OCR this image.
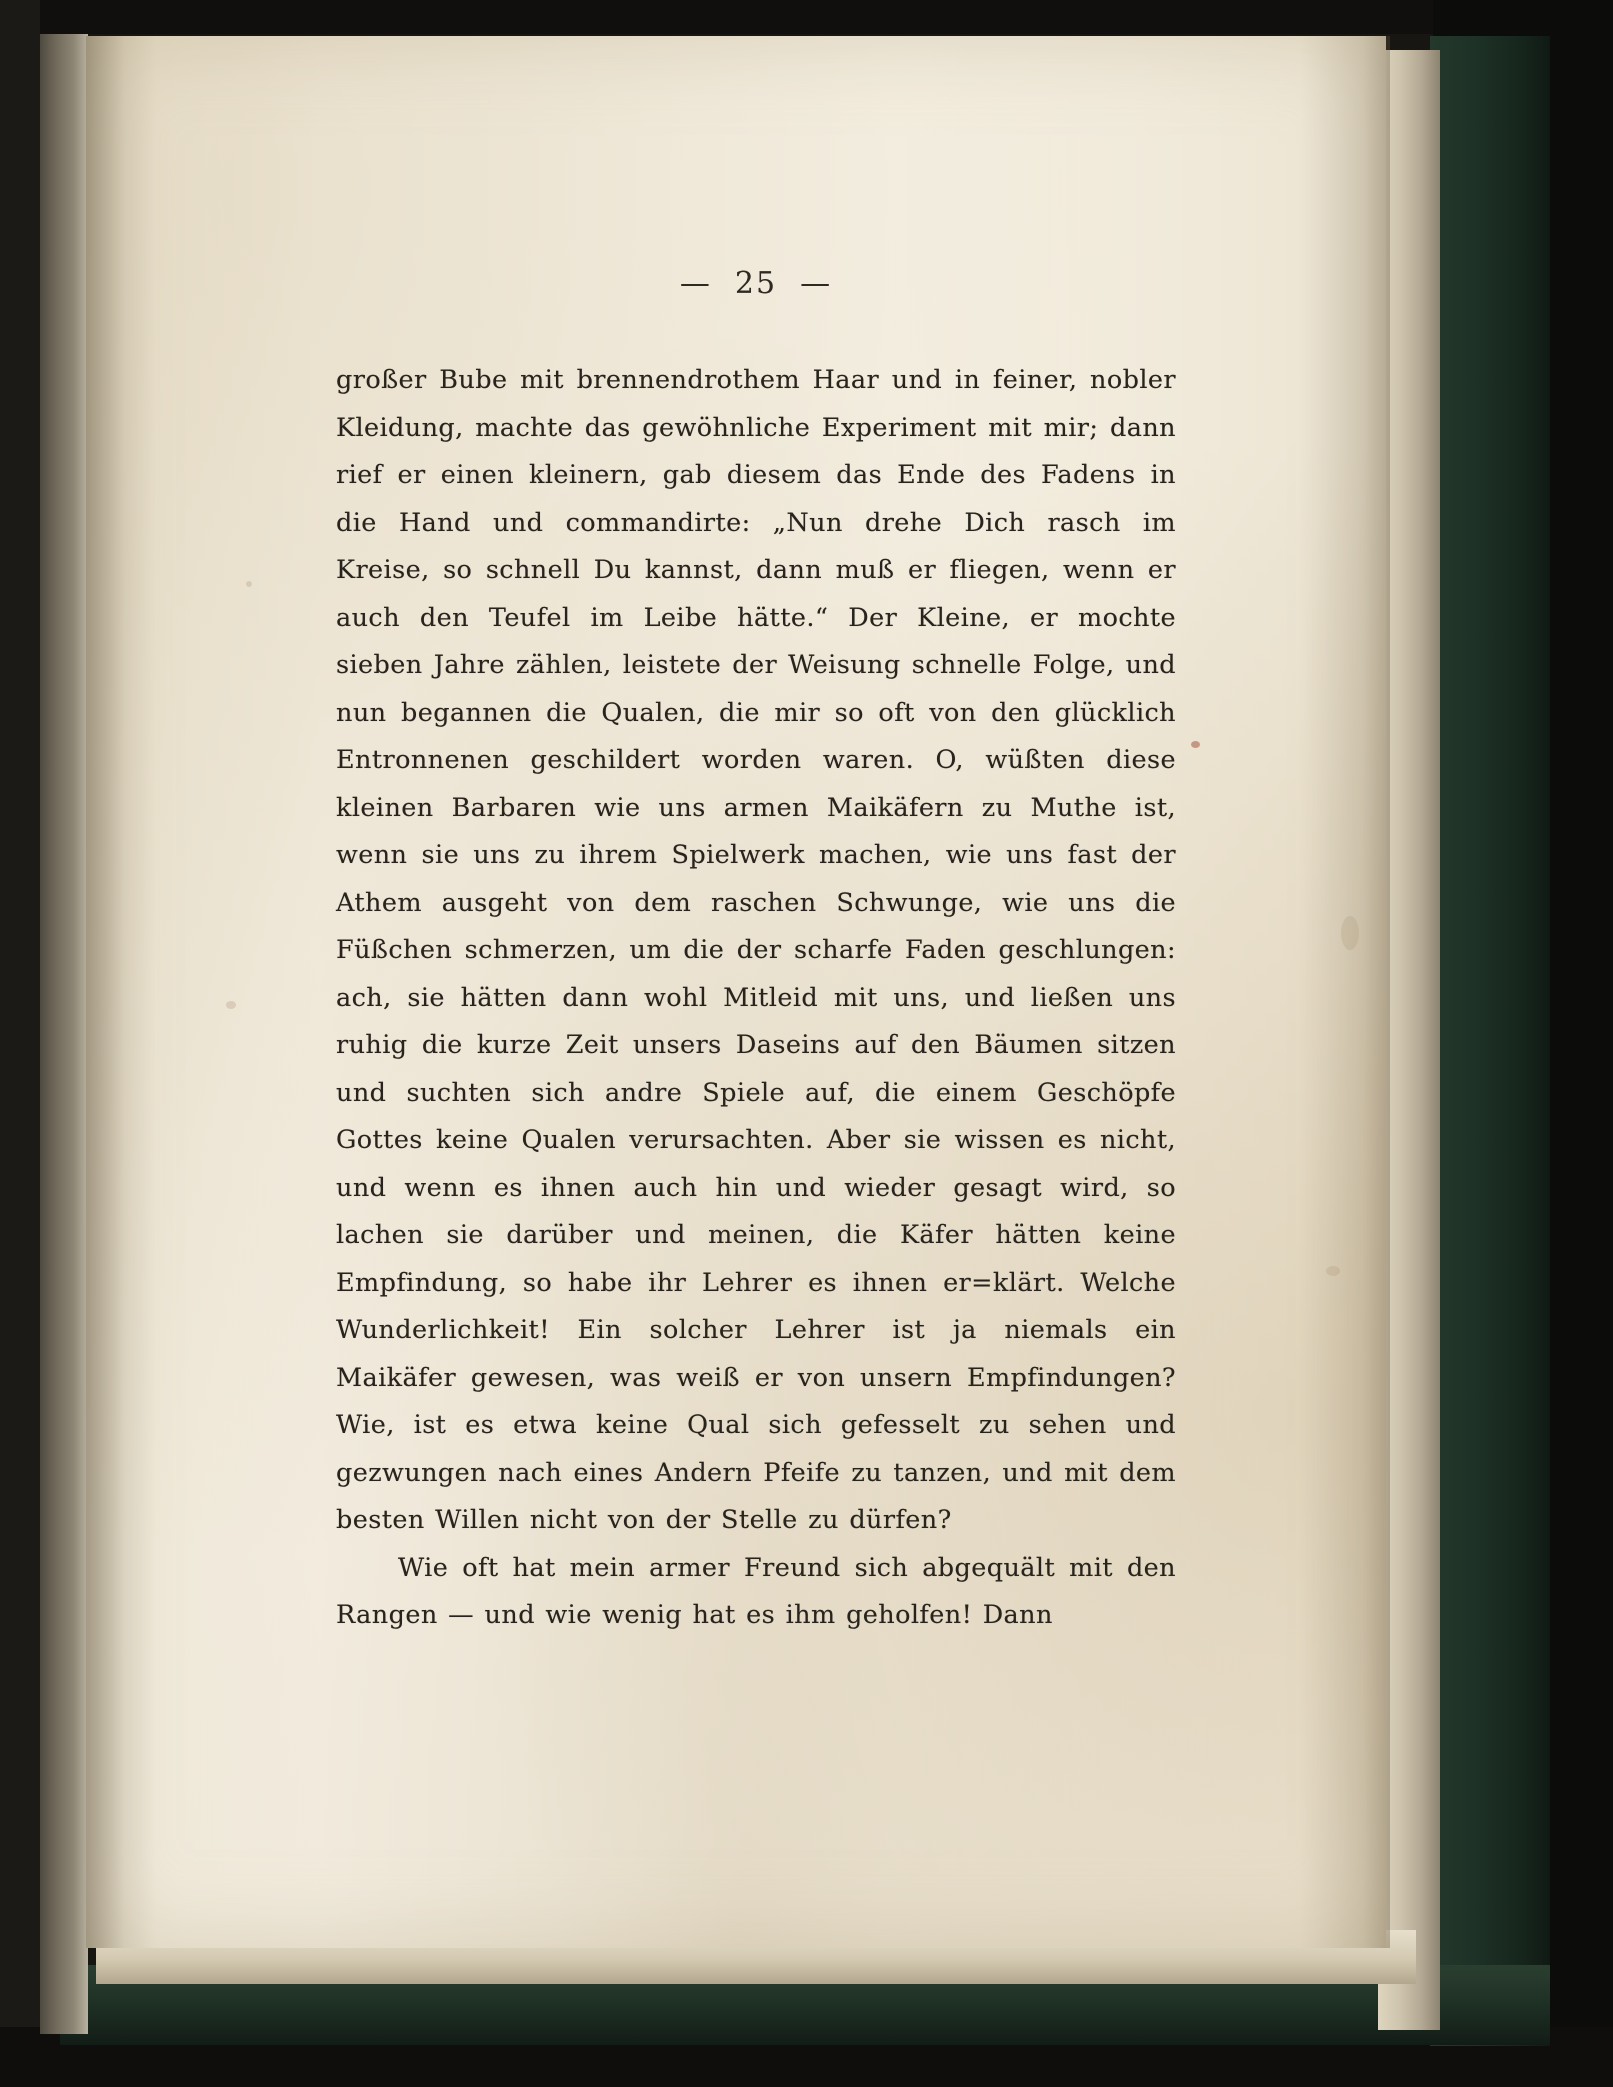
—  25  —

großer Bube mit brennendrothem Haar und in feiner, nobler Kleidung, machte das gewöhnliche Experiment mit mir; dann rief er einen kleinern, gab diesem das Ende des Fadens in die Hand und commandirte: „Nun drehe Dich rasch im Kreise, so schnell Du kannst, dann muß er fliegen, wenn er auch den Teufel im Leibe hätte.“ Der Kleine, er mochte sieben Jahre zählen, leistete der Weisung schnelle Folge, und nun begannen die Qualen, die mir so oft von den glücklich Entronnenen geschildert worden waren. O, wüßten diese kleinen Barbaren wie uns armen Maikäfern zu Muthe ist, wenn sie uns zu ihrem Spielwerk machen, wie uns fast der Athem ausgeht von dem raschen Schwunge, wie uns die Füßchen schmerzen, um die der scharfe Faden geschlungen: ach, sie hätten dann wohl Mitleid mit uns, und ließen uns ruhig die kurze Zeit unsers Daseins auf den Bäumen sitzen und suchten sich andre Spiele auf, die einem Geschöpfe Gottes keine Qualen verursachten. Aber sie wissen es nicht, und wenn es ihnen auch hin und wieder gesagt wird, so lachen sie darüber und meinen, die Käfer hätten keine Empfindung, so habe ihr Lehrer es ihnen er=klärt. Welche Wunderlichkeit! Ein solcher Lehrer ist ja niemals ein Maikäfer gewesen, was weiß er von unsern Empfindungen? Wie, ist es etwa keine Qual sich gefesselt zu sehen und gezwungen nach eines Andern Pfeife zu tanzen, und mit dem besten Willen nicht von der Stelle zu dürfen?

Wie oft hat mein armer Freund sich abgequält mit den Rangen — und wie wenig hat es ihm geholfen! Dann
